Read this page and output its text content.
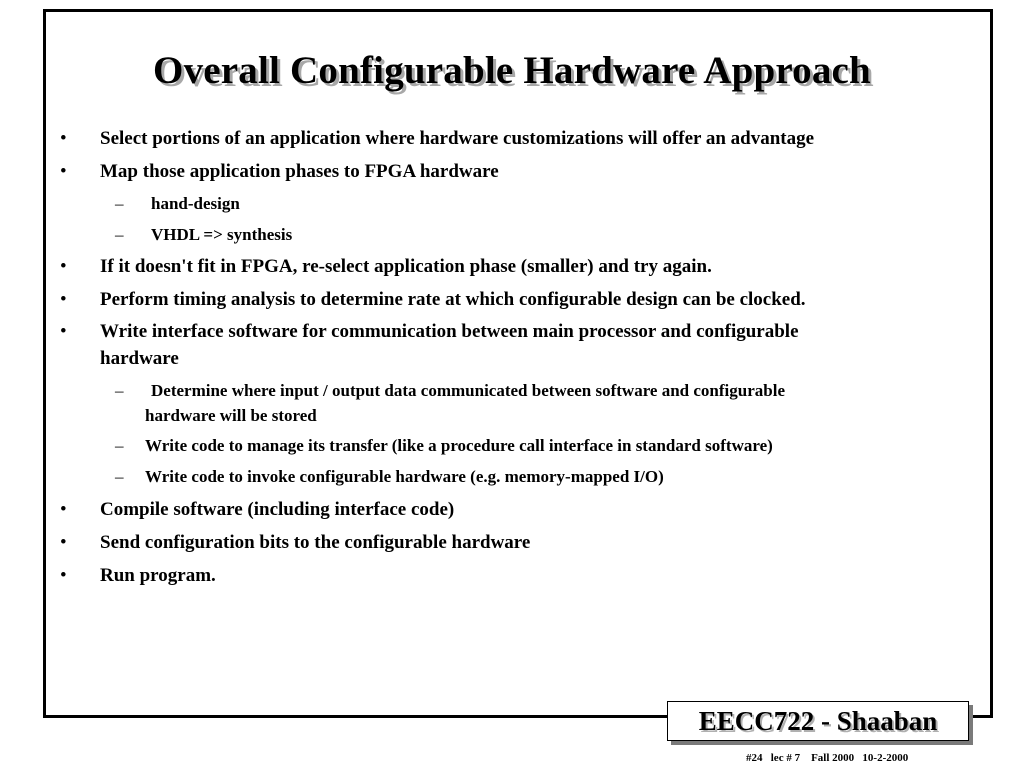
Overall Configurable Hardware Approach
• Select portions of an application where hardware customizations will offer an advantage
• Map those application phases to FPGA hardware
– hand-design
– VHDL => synthesis
• If it doesn't fit in FPGA, re-select application phase (smaller) and try again.
• Perform timing analysis to determine rate at which configurable design can be clocked.
• Write interface software for communication between main processor and configurable
hardware
– Determine where input / output data communicated between software and configurable
hardware will be stored
– Write code to manage its transfer (like a procedure call interface in standard software)
– Write code to invoke configurable hardware (e.g. memory-mapped I/O)
• Compile software (including interface code)
• Send configuration bits to the configurable hardware
• Run program.
EECC722 - Shaaban
#24   lec # 7    Fall 2000   10-2-2000
